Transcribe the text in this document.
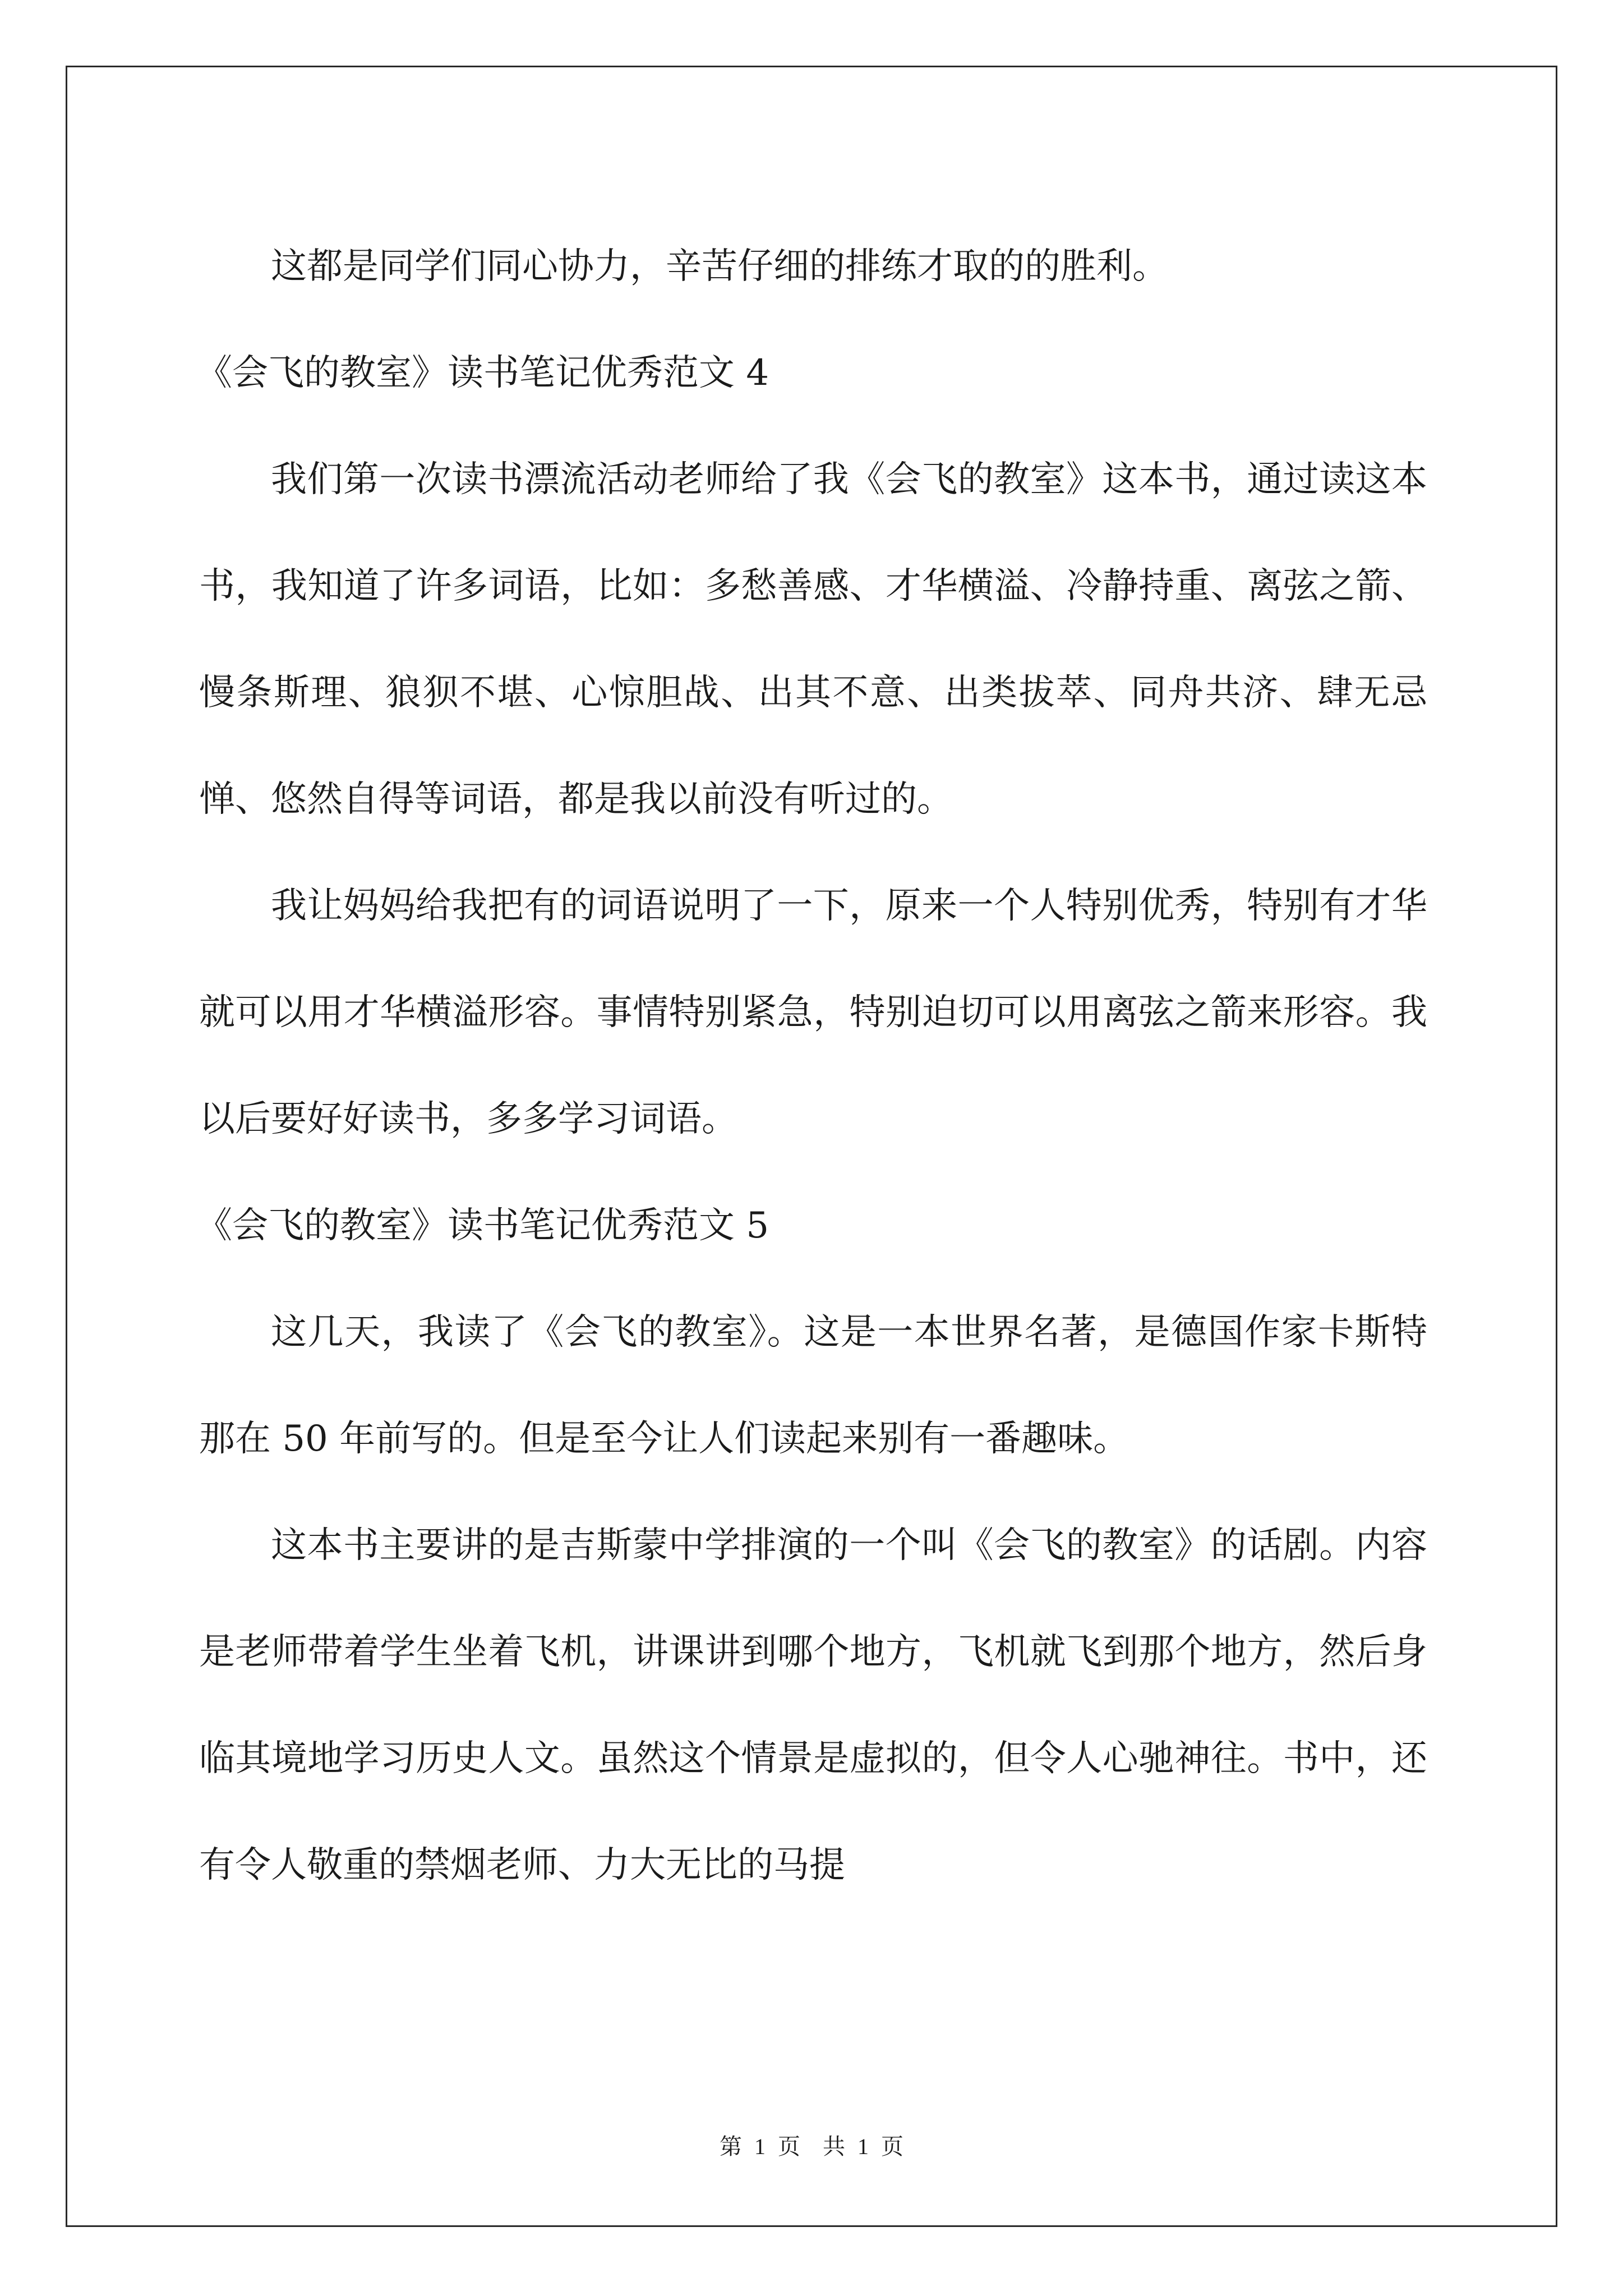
这都是同学们同心协力，辛苦仔细的排练才取的的胜利。

《会飞的教室》读书笔记优秀范文 4

我们第一次读书漂流活动老师给了我《会飞的教室》这本书，通过读这本书，我知道了许多词语，比如：多愁善感、才华横溢、冷静持重、离弦之箭、慢条斯理、狼狈不堪、心惊胆战、出其不意、出类拔萃、同舟共济、肆无忌惮、悠然自得等词语，都是我以前没有听过的。

我让妈妈给我把有的词语说明了一下，原来一个人特别优秀，特别有才华就可以用才华横溢形容。事情特别紧急，特别迫切可以用离弦之箭来形容。我以后要好好读书，多多学习词语。

《会飞的教室》读书笔记优秀范文 5

这几天，我读了《会飞的教室》。这是一本世界名著，是德国作家卡斯特那在 50 年前写的。但是至今让人们读起来别有一番趣味。

这本书主要讲的是吉斯蒙中学排演的一个叫《会飞的教室》的话剧。内容是老师带着学生坐着飞机，讲课讲到哪个地方，飞机就飞到那个地方，然后身临其境地学习历史人文。虽然这个情景是虚拟的，但令人心驰神往。书中，还有令人敬重的禁烟老师、力大无比的马提

第 1 页　共 1 页
